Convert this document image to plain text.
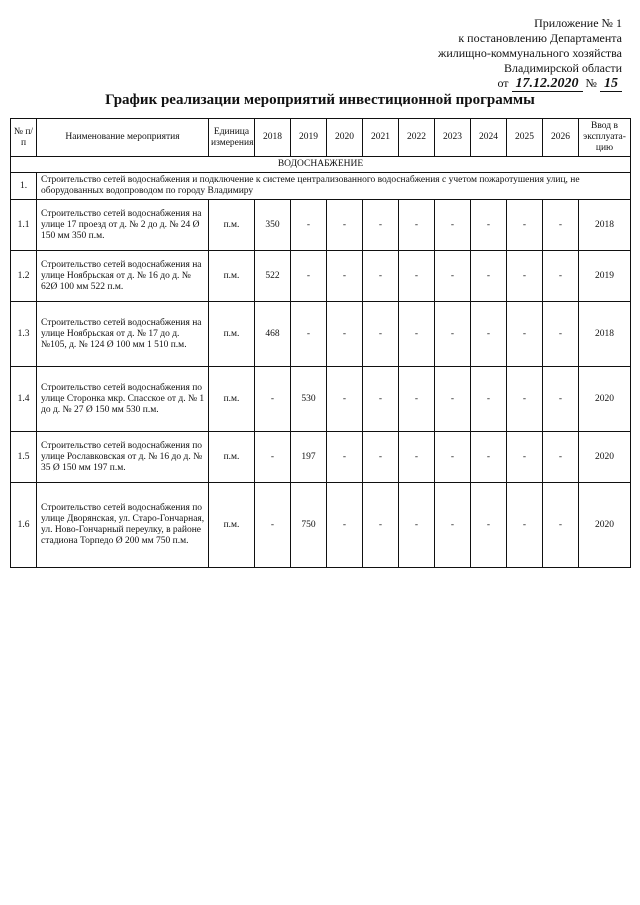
Приложение № 1
к постановлению Департамента
жилищно-коммунального хозяйства
Владимирской области
от 17.12.2020 № 15
График реализации мероприятий инвестиционной программы
№ п/п	Наименование мероприятия	Единица измерения	2018	2019	2020	2021	2022	2023	2024	2025	2026	Ввод в эксплуата-цию
ВОДОСНАБЖЕНИЕ												
1.	Строительство сетей водоснабжения и подключение к системе централизованного водоснабжения с учетом пожаротушения улиц, не оборудованных водопроводом по городу Владимиру											
1.1	Строительство сетей водоснабжения на улице 17 проезд от д. № 2 до д. № 24 Ø 150 мм 350 п.м.	п.м.	350	-	-	-	-	-	-	-	-	2018
1.2	Строительство сетей водоснабжения на улице Ноябрьская от д. № 16 до д. № 62Ø 100 мм 522 п.м.	п.м.	522	-	-	-	-	-	-	-	-	2019
1.3	Строительство сетей водоснабжения на улице Ноябрьская от д. № 17 до д. №105, д. № 124 Ø 100 мм 1 510 п.м.	п.м.	468	-	-	-	-	-	-	-	-	2018
1.4	Строительство сетей водоснабжения по улице Сторонка мкр. Спасское от д. № 1 до д. № 27 Ø 150 мм 530 п.м.	п.м.	-	530	-	-	-	-	-	-	-	2020
1.5	Строительство сетей водоснабжения по улице Рославковская от д. № 16 до д. № 35 Ø 150 мм 197 п.м.	п.м.	-	197	-	-	-	-	-	-	-	2020
1.6	Строительство сетей водоснабжения по улице Дворянская, ул. Старо-Гончарная, ул. Ново-Гончарный переулку, в районе стадиона Торпедо Ø 200 мм 750 п.м.	п.м.	-	750	-	-	-	-	-	-	-	2020
